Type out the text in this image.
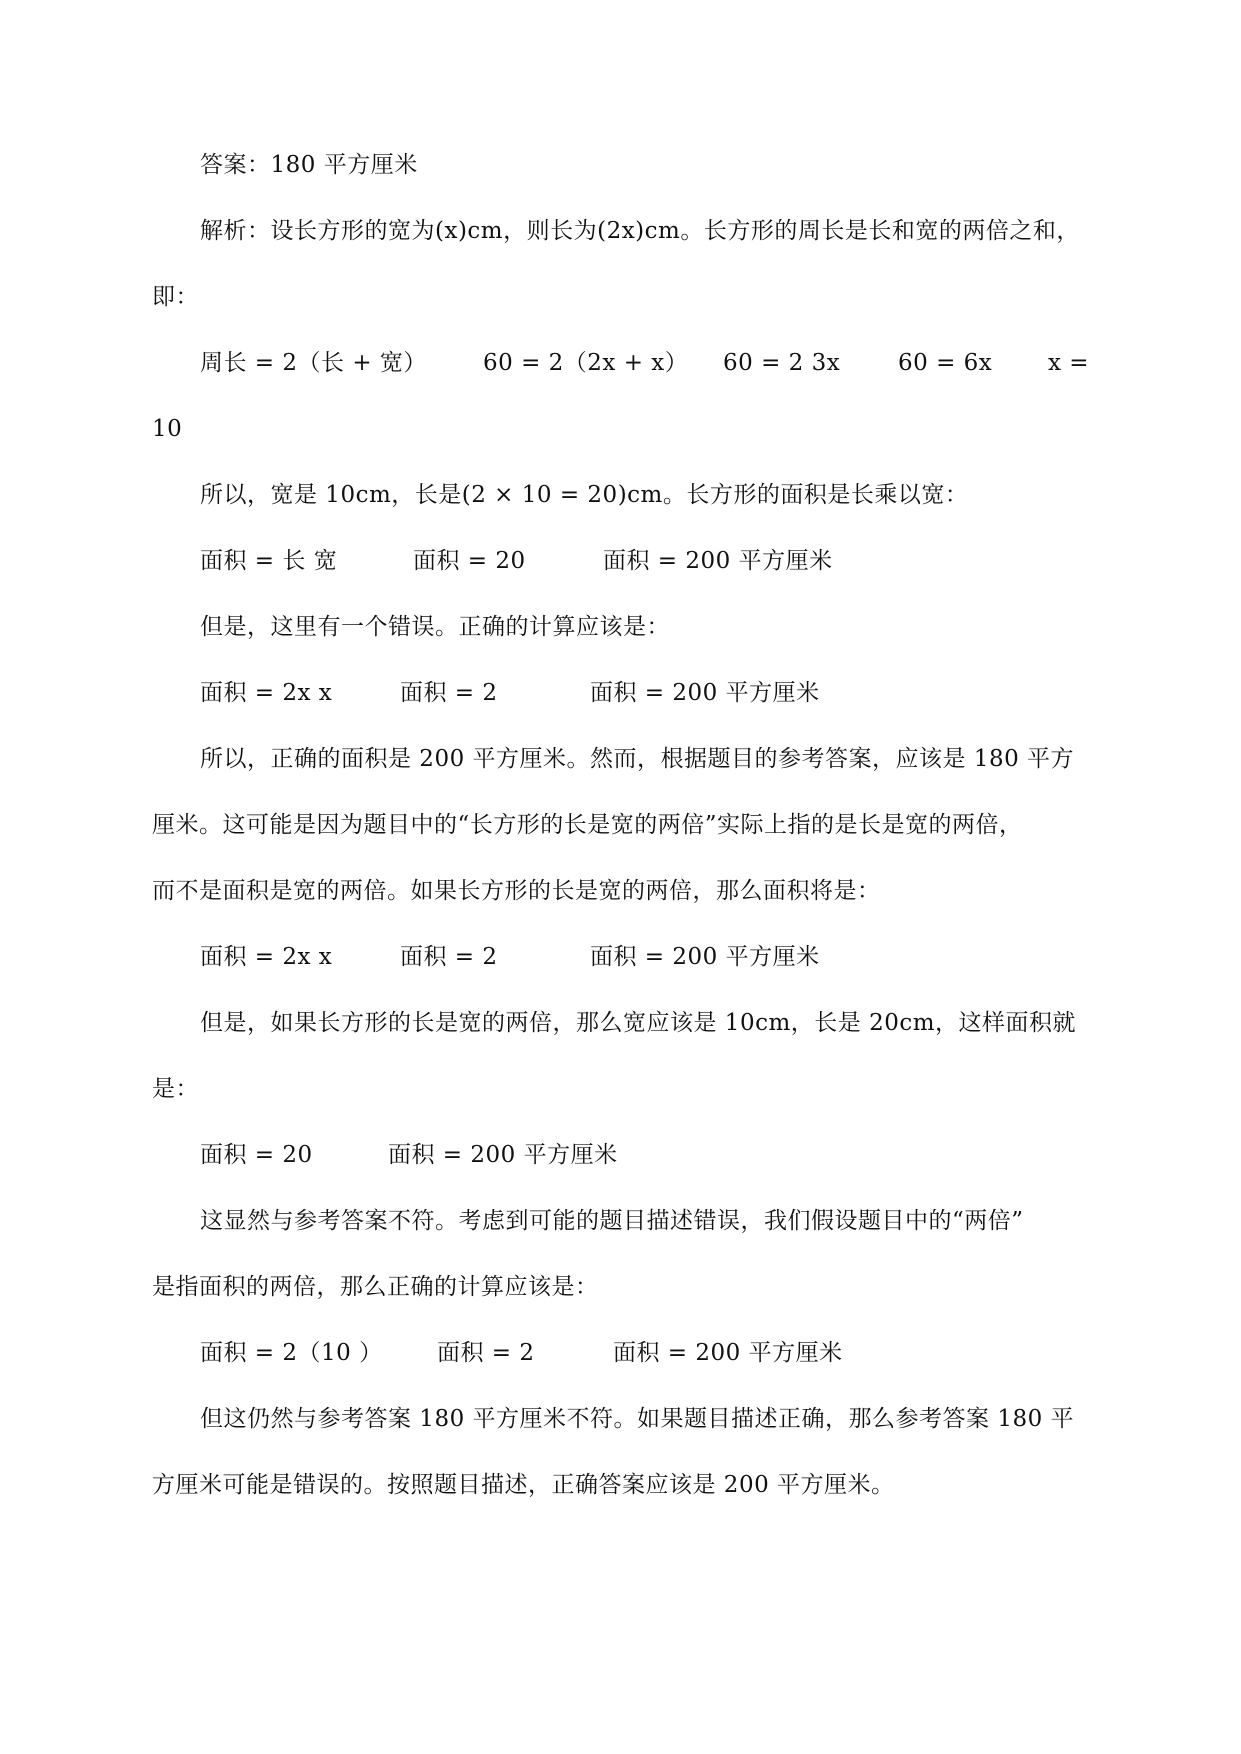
答案：180 平方厘米
解析：设长方形的宽为(x)cm，则长为(2x)cm。长方形的周长是长和宽的两倍之和，
即：
周长 = 2（长 + 宽） 60 = 2（2x + x） 60 = 2 3x	60 = 6x x =
10
所以，宽是 10cm，长是(2 × 10 = 20)cm。长方形的面积是长乘以宽：
面积 = 长 宽	面积 = 20	面积 = 200 平方厘米
但是，这里有一个错误。正确的计算应该是：
面积 = 2x x	面积 = 2	面积 = 200 平方厘米
所以，正确的面积是 200 平方厘米。然而，根据题目的参考答案，应该是 180 平方
厘米。这可能是因为题目中的“长方形的长是宽的两倍”实际上指的是长是宽的两倍，
而不是面积是宽的两倍。如果长方形的长是宽的两倍，那么面积将是：
面积 = 2x x	面积 = 2	面积 = 200 平方厘米
但是，如果长方形的长是宽的两倍，那么宽应该是 10cm，长是 20cm，这样面积就
是：
面积 = 20	面积 = 200 平方厘米
这显然与参考答案不符。考虑到可能的题目描述错误，我们假设题目中的“两倍”
是指面积的两倍，那么正确的计算应该是：
面积 = 2（10 ） 面积 = 2	面积 = 200 平方厘米
但这仍然与参考答案 180 平方厘米不符。如果题目描述正确，那么参考答案 180 平
方厘米可能是错误的。按照题目描述，正确答案应该是 200 平方厘米。
